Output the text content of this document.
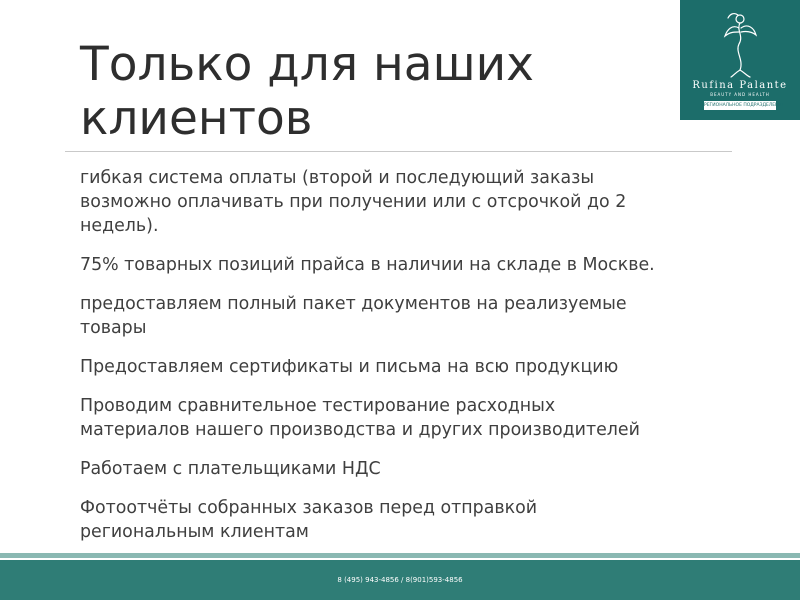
Только для наших клиентов
Rufina Palante
BEAUTY AND HEALTH
РЕГИОНАЛЬНОЕ ПОДРАЗДЕЛЕНИЕ
гибкая система оплаты (второй и последующий заказы
возможно оплачивать при получении или с отсрочкой до 2
недель).
75% товарных позиций прайса в наличии на складе в Москве.
предоставляем полный пакет документов на реализуемые
товары
Предоставляем сертификаты и письма на всю продукцию
Проводим сравнительное тестирование расходных
материалов нашего производства и других производителей
Работаем с плательщиками НДС
Фотоотчёты собранных заказов перед отправкой
региональным клиентам
8 (495) 943-4856 / 8(901)593-4856
